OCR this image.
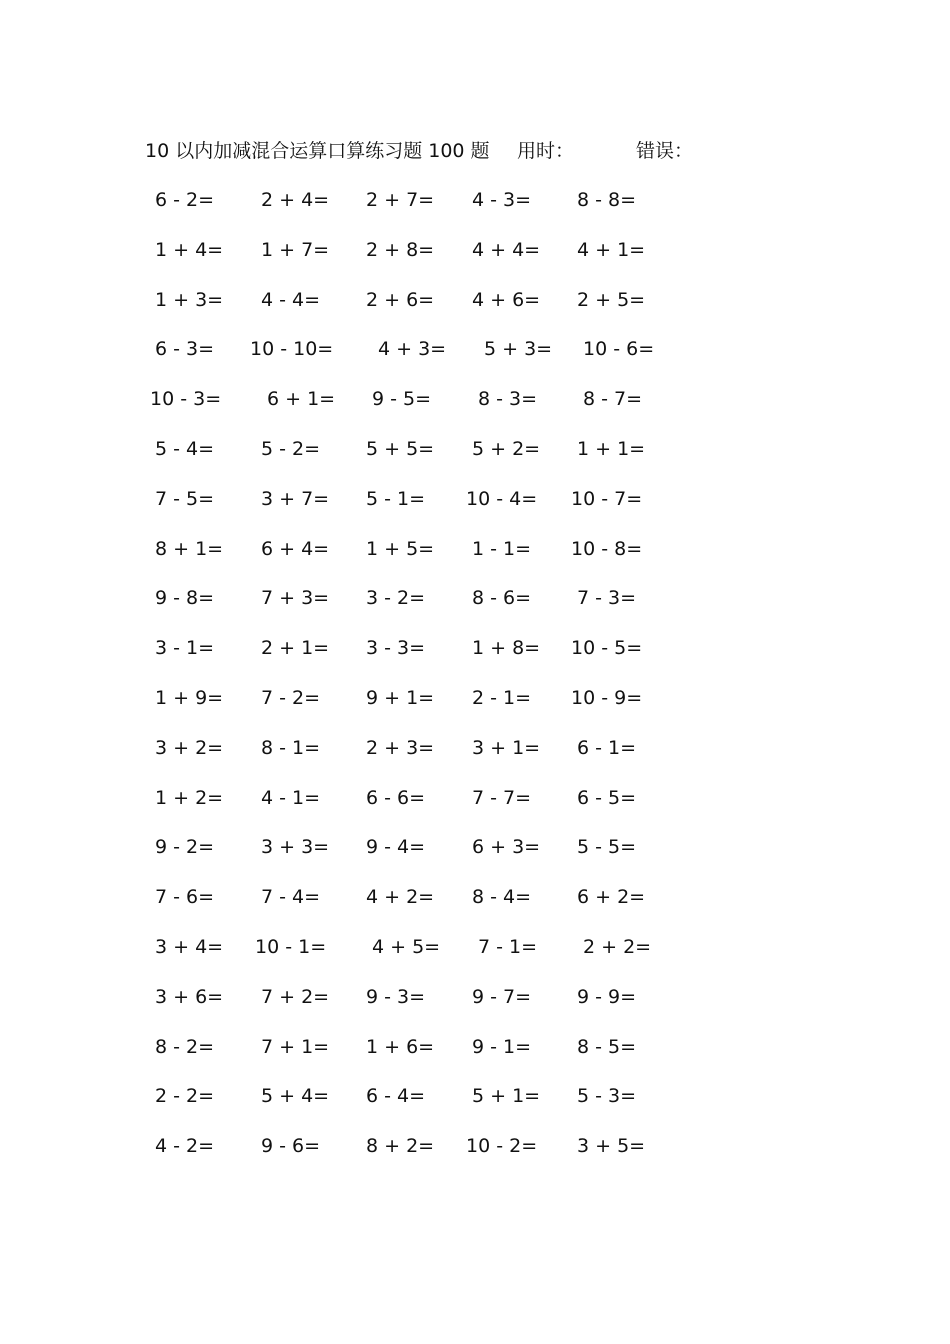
10 以内加减混合运算口算练习题 100 题 用时：	错误：
6 - 2= 2 + 4= 2 + 7= 4 - 3= 8 - 8=
1 + 4= 1 + 7= 2 + 8= 4 + 4= 4 + 1=
1 + 3= 4 - 4= 2 + 6= 4 + 6= 2 + 5=
6 - 3= 10 - 10= 4 + 3= 5 + 3= 10 - 6=
10 - 3= 6 + 1= 9 - 5= 8 - 3= 8 - 7=
5 - 4= 5 - 2= 5 + 5= 5 + 2= 1 + 1=
7 - 5= 3 + 7= 5 - 1= 10 - 4= 10 - 7=
8 + 1= 6 + 4= 1 + 5= 1 - 1= 10 - 8=
9 - 8= 7 + 3= 3 - 2= 8 - 6= 7 - 3=
3 - 1= 2 + 1= 3 - 3= 1 + 8= 10 - 5=
1 + 9= 7 - 2= 9 + 1= 2 - 1= 10 - 9=
3 + 2= 8 - 1= 2 + 3= 3 + 1= 6 - 1=
1 + 2= 4 - 1= 6 - 6= 7 - 7= 6 - 5=
9 - 2= 3 + 3= 9 - 4= 6 + 3= 5 - 5=
7 - 6= 7 - 4= 4 + 2= 8 - 4= 6 + 2=
3 + 4= 10 - 1= 4 + 5= 7 - 1= 2 + 2=
3 + 6= 7 + 2= 9 - 3= 9 - 7= 9 - 9=
8 - 2= 7 + 1= 1 + 6= 9 - 1= 8 - 5=
2 - 2= 5 + 4= 6 - 4= 5 + 1= 5 - 3=
4 - 2= 9 - 6= 8 + 2= 10 - 2= 3 + 5=
